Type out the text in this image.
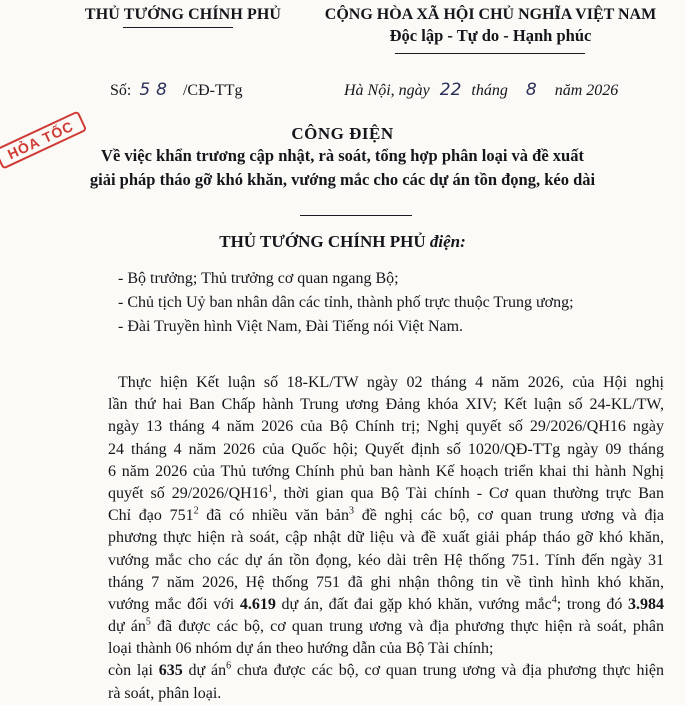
THỦ TƯỚNG CHÍNH PHỦ	CỘNG HÒA XÃ HỘI CHỦ NGHĨA VIỆT NAM
Độc lập - Tự do - Hạnh phúc
Số: 58 /CĐ-TTg	Hà Nội, ngày 22 tháng 8 năm 2026
HỎA TỐC	CÔNG ĐIỆN
Về việc khẩn trương cập nhật, rà soát, tổng hợp phân loại và đề xuất
giải pháp tháo gỡ khó khăn, vướng mắc cho các dự án tồn đọng, kéo dài
THỦ TƯỚNG CHÍNH PHỦ điện:
- Bộ trưởng; Thủ trưởng cơ quan ngang Bộ;
- Chủ tịch Uỷ ban nhân dân các tỉnh, thành phố trực thuộc Trung ương;
- Đài Truyền hình Việt Nam, Đài Tiếng nói Việt Nam.
Thực hiện Kết luận số 18-KL/TW ngày 02 tháng 4 năm 2026, của Hội nghị
lần thứ hai Ban Chấp hành Trung ương Đảng khóa XIV; Kết luận số 24-KL/TW,
ngày 13 tháng 4 năm 2026 của Bộ Chính trị; Nghị quyết số 29/2026/QH16 ngày
24 tháng 4 năm 2026 của Quốc hội; Quyết định số 1020/QĐ-TTg ngày 09 tháng
6 năm 2026 của Thủ tướng Chính phủ ban hành Kế hoạch triển khai thi hành Nghị
quyết số $29/2026/QH16^1$, thời gian qua Bộ Tài chính - Cơ quan thường trực Ban
Chỉ đạo $751^2$ đã có nhiều văn bản$^3$ đề nghị các bộ, cơ quan trung ương và địa
phương thực hiện rà soát, cập nhật dữ liệu và đề xuất giải pháp tháo gỡ khó khăn,
vướng mắc cho các dự án tồn đọng, kéo dài trên Hệ thống 751. Tính đến ngày 31
tháng 7 năm 2026, Hệ thống 751 đã ghi nhận thông tin về tình hình khó khăn,
vướng mắc đối với 4.619 dự án, đất đai gặp khó khăn, vướng mắc$^4$; trong đó 3.984
dự $án^5$ đã được các bộ, cơ quan trung ương và địa phương thực hiện rà soát, phân
loại thành 06 nhóm dự án theo hướng dẫn của Bộ Tài chính;
còn lại 635 dự $án^6$ chưa được các bộ, cơ quan trung ương và địa phương thực hiện
rà soát, phân loại.
